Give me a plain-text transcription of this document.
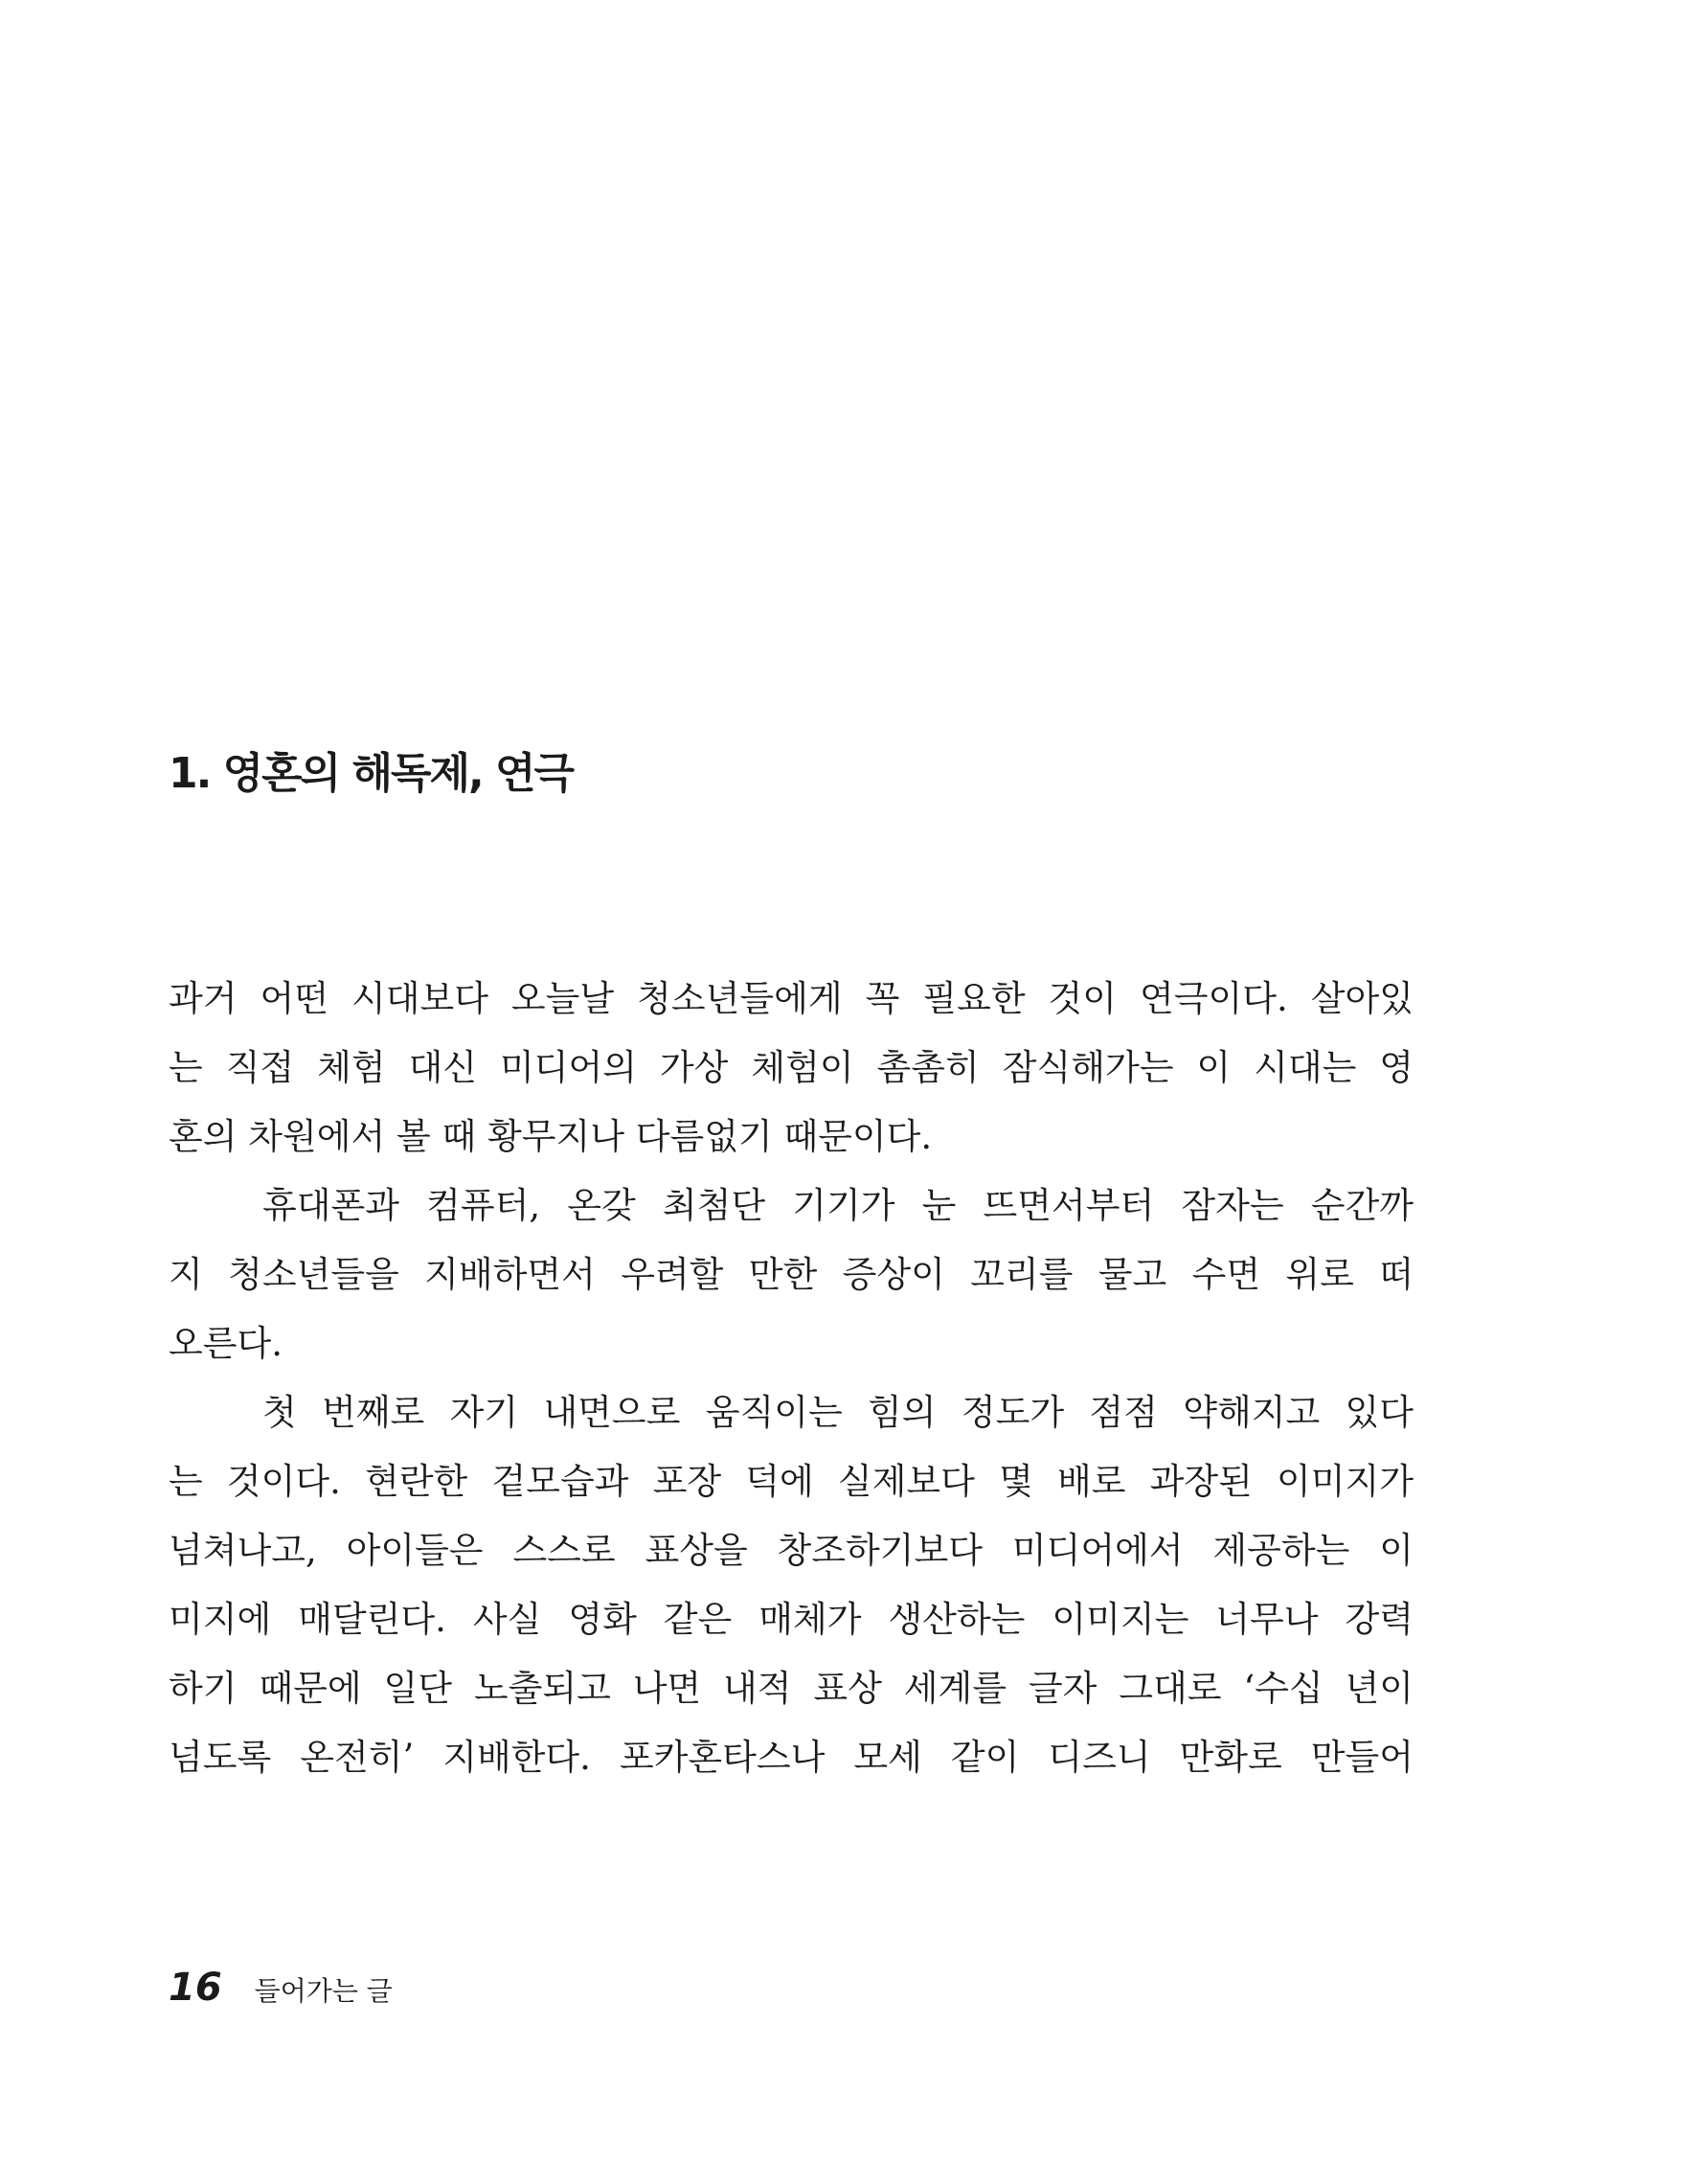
1. 영혼의 해독제, 연극

과거 어떤 시대보다 오늘날 청소년들에게 꼭 필요한 것이 연극이다. 살아있
는 직접 체험 대신 미디어의 가상 체험이 촘촘히 잠식해가는 이 시대는 영
혼의 차원에서 볼 때 황무지나 다름없기 때문이다.

휴대폰과 컴퓨터, 온갖 최첨단 기기가 눈 뜨면서부터 잠자는 순간까
지 청소년들을 지배하면서 우려할 만한 증상이 꼬리를 물고 수면 위로 떠
오른다.

첫 번째로 자기 내면으로 움직이는 힘의 정도가 점점 약해지고 있다
는 것이다. 현란한 겉모습과 포장 덕에 실제보다 몇 배로 과장된 이미지가
넘쳐나고, 아이들은 스스로 표상을 창조하기보다 미디어에서 제공하는 이
미지에 매달린다. 사실 영화 같은 매체가 생산하는 이미지는 너무나 강력
하기 때문에 일단 노출되고 나면 내적 표상 세계를 글자 그대로 ‘수십 년이
넘도록 온전히’ 지배한다. 포카혼타스나 모세 같이 디즈니 만화로 만들어

16 들어가는 글
